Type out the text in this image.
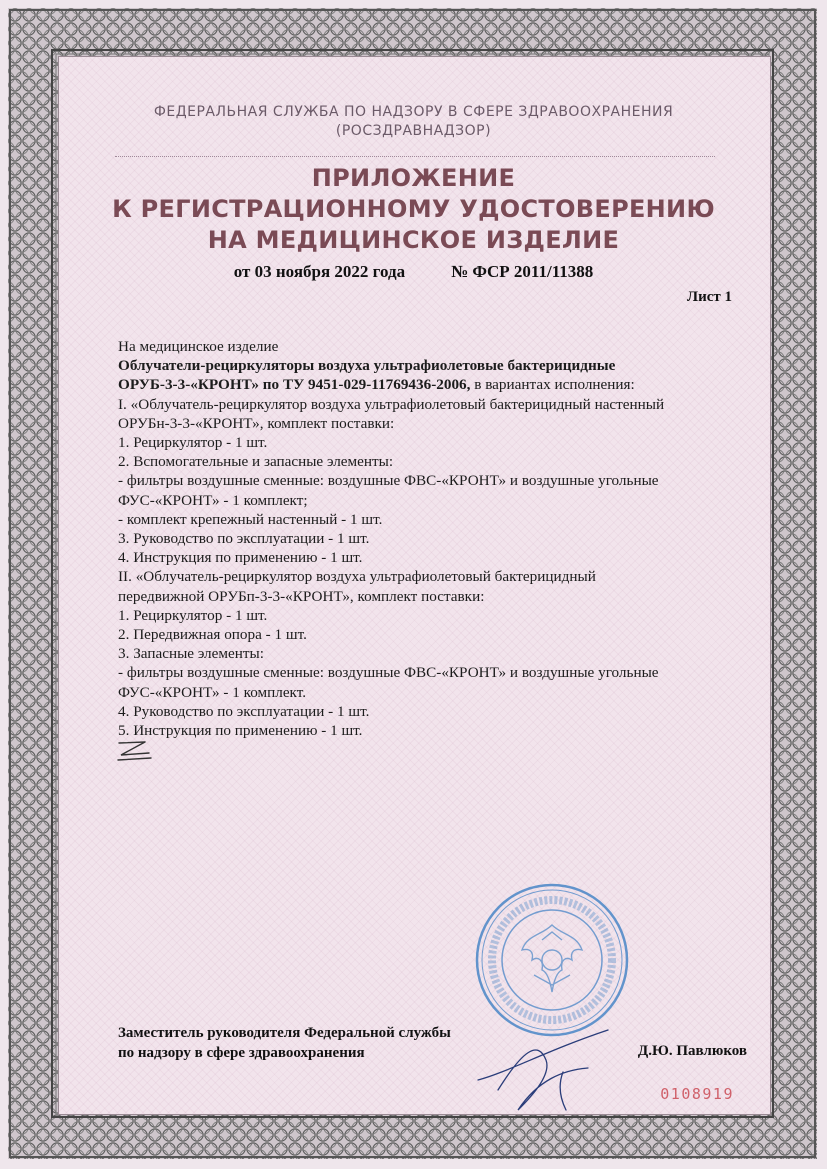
ФЕДЕРАЛЬНАЯ СЛУЖБА ПО НАДЗОРУ В СФЕРЕ ЗДРАВООХРАНЕНИЯ
(РОСЗДРАВНАДЗОР)
ПРИЛОЖЕНИЕ
К РЕГИСТРАЦИОННОМУ УДОСТОВЕРЕНИЮ
НА МЕДИЦИНСКОЕ ИЗДЕЛИЕ
от 03 ноября 2022 года	№ ФСР 2011/11388
Лист 1
На медицинское изделие
Облучатели-рециркуляторы воздуха ультрафиолетовые бактерицидные
ОРУБ-3-3-«КРОНТ» по ТУ 9451-029-11769436-2006, в вариантах исполнения:
I. «Облучатель-рециркулятор воздуха ультрафиолетовый бактерицидный настенный
ОРУБн-3-3-«КРОНТ», комплект поставки:
1. Рециркулятор - 1 шт.
2. Вспомогательные и запасные элементы:
- фильтры воздушные сменные: воздушные ФВС-«КРОНТ» и воздушные угольные
ФУС-«КРОНТ» - 1 комплект;
- комплект крепежный настенный - 1 шт.
3. Руководство по эксплуатации - 1 шт.
4. Инструкция по применению - 1 шт.
II. «Облучатель-рециркулятор воздуха ультрафиолетовый бактерицидный
передвижной ОРУБп-3-3-«КРОНТ», комплект поставки:
1. Рециркулятор - 1 шт.
2. Передвижная опора - 1 шт.
3. Запасные элементы:
- фильтры воздушные сменные: воздушные ФВС-«КРОНТ» и воздушные угольные
ФУС-«КРОНТ» - 1 комплект.
4. Руководство по эксплуатации - 1 шт.
5. Инструкция по применению - 1 шт.
Заместитель руководителя Федеральной службы
по надзору в сфере здравоохранения	Д.Ю. Павлюков
0108919
